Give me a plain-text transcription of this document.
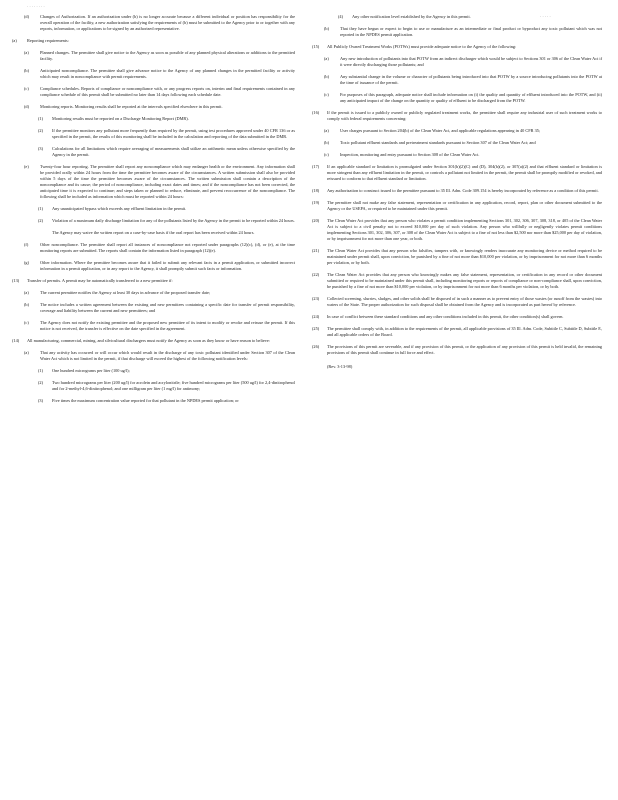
· · · · · · · ·
· · · · ·
(d)	Changes of Authorization. If an authorization under (b) is no longer accurate because a different individual or position has responsibility for the overall operation of the facility, a new authorization satisfying the requirements of (b) must be submitted to the Agency prior to or together with any reports, information, or applications to be signed by an authorized representative.
(a) Reporting requirements:
(a)	Planned changes. The permittee shall give notice to the Agency as soon as possible of any planned physical alterations or additions to the permitted facility.
(b)	Anticipated noncompliance. The permittee shall give advance notice to the Agency of any planned changes in the permitted facility or activity which may result in noncompliance with permit requirements.
(c)	Compliance schedules. Reports of compliance or noncompliance with, or any progress reports on, interim and final requirements contained in any compliance schedule of this permit shall be submitted no later than 14 days following each schedule date.
(d)	Monitoring reports. Monitoring results shall be reported at the intervals specified elsewhere in this permit.
(1) Monitoring results must be reported on a Discharge Monitoring Report (DMR).
(2) If the permittee monitors any pollutant more frequently than required by the permit, using test procedures approved under 40 CFR 136 or as specified in the permit, the results of this monitoring shall be included in the calculation and reporting of the data submitted in the DMR.
(3) Calculations for all limitations which require averaging of measurements shall utilize an arithmetic mean unless otherwise specified by the Agency in the permit.
(e)	Twenty-four hour reporting. The permittee shall report any noncompliance which may endanger health or the environment. Any information shall be provided orally within 24 hours from the time the permittee becomes aware of the circumstances. A written submission shall also be provided within 5 days of the time the permittee becomes aware of the circumstances. The written submission shall contain a description of the noncompliance and its cause; the period of noncompliance, including exact dates and times; and if the noncompliance has not been corrected, the anticipated time it is expected to continue; and steps taken or planned to reduce, eliminate, and prevent reoccurrence of the noncompliance. The following shall be included as information which must be reported within 24 hours:
(1) Any unanticipated bypass which exceeds any effluent limitation in the permit.
(2) Violation of a maximum daily discharge limitation for any of the pollutants listed by the Agency in the permit to be reported within 24 hours.
The Agency may waive the written report on a case-by-case basis if the oral report has been received within 24 hours.
(f)	Other noncompliance. The permittee shall report all instances of noncompliance not reported under paragraphs (12)(c), (d), or (e), at the time monitoring reports are submitted. The reports shall contain the information listed in paragraph (12)(e).
(g)	Other information. Where the permittee becomes aware that it failed to submit any relevant facts in a permit application, or submitted incorrect information in a permit application, or in any report to the Agency, it shall promptly submit such facts or information.
(13) Transfer of permits. A permit may be automatically transferred to a new permittee if:
(a)	The current permittee notifies the Agency at least 30 days in advance of the proposed transfer date;
(b)	The notice includes a written agreement between the existing and new permittees containing a specific date for transfer of permit responsibility, coverage and liability between the current and new permittees; and
(c)	The Agency does not notify the existing permittee and the proposed new permittee of its intent to modify or revoke and reissue the permit. If this notice is not received, the transfer is effective on the date specified in the agreement.
(14) All manufacturing, commercial, mining, and silvicultural dischargers must notify the Agency as soon as they know or have reason to believe:
(a)	That any activity has occurred or will occur which would result in the discharge of any toxic pollutant identified under Section 307 of the Clean Water Act which is not limited in the permit, if that discharge will exceed the highest of the following notification levels:
(1) One hundred micrograms per liter (100 ug/l);
(2) Two hundred micrograms per liter (200 ug/l) for acrolein and acrylonitrile; five hundred micrograms per liter (500 ug/l) for 2,4-dinitrophenol and for 2-methyl-4,6-dinitrophenol; and one milligram per liter (1 mg/l) for antimony;
(3) Five times the maximum concentration value reported for that pollutant in the NPDES permit application; or
(4) Any other notification level established by the Agency in this permit.
(b)	That they have begun or expect to begin to use or manufacture as an intermediate or final product or byproduct any toxic pollutant which was not reported in the NPDES permit application.
(15) All Publicly Owned Treatment Works (POTWs) must provide adequate notice to the Agency of the following:
(a)	Any new introduction of pollutants into that POTW from an indirect discharger which would be subject to Sections 301 or 306 of the Clean Water Act if it were directly discharging those pollutants; and
(b)	Any substantial change in the volume or character of pollutants being introduced into that POTW by a source introducing pollutants into the POTW at the time of issuance of the permit.
(c)	For purposes of this paragraph, adequate notice shall include information on (i) the quality and quantity of effluent introduced into the POTW, and (ii) any anticipated impact of the change on the quantity or quality of effluent to be discharged from the POTW.
(16) If the permit is issued to a publicly owned or publicly regulated treatment works, the permittee shall require any industrial user of such treatment works to comply with federal requirements concerning:
(a)	User charges pursuant to Section 204(b) of the Clean Water Act, and applicable regulations appearing in 40 CFR 35;
(b)	Toxic pollutant effluent standards and pretreatment standards pursuant to Section 307 of the Clean Water Act; and
(c)	Inspection, monitoring and entry pursuant to Section 308 of the Clean Water Act.
(17) If an applicable standard or limitation is promulgated under Section 301(b)(2)(C) and (D), 304(b)(2), or 307(a)(2) and that effluent standard or limitation is more stringent than any effluent limitation in the permit, or controls a pollutant not limited in the permit, the permit shall be promptly modified or revoked, and reissued to conform to that effluent standard or limitation.
(18) Any authorization to construct issued to the permittee pursuant to 35 Ill. Adm. Code 309.154 is hereby incorporated by reference as a condition of this permit.
(19) The permittee shall not make any false statement, representation or certification in any application, record, report, plan or other document submitted to the Agency or the USEPA, or required to be maintained under this permit.
(20) The Clean Water Act provides that any person who violates a permit condition implementing Sections 301, 302, 306, 307, 308, 318, or 405 of the Clean Water Act is subject to a civil penalty not to exceed $10,000 per day of such violation. Any person who willfully or negligently violates permit conditions implementing Sections 301, 302, 306, 307, or 308 of the Clean Water Act is subject to a fine of not less than $2,500 nor more than $25,000 per day of violation, or by imprisonment for not more than one year, or both.
(21) The Clean Water Act provides that any person who falsifies, tampers with, or knowingly renders inaccurate any monitoring device or method required to be maintained under permit shall, upon conviction, be punished by a fine of not more than $10,000 per violation, or by imprisonment for not more than 6 months per violation, or by both.
(22) The Clean Water Act provides that any person who knowingly makes any false statement, representation, or certification in any record or other document submitted or required to be maintained under this permit shall, including monitoring reports or reports of compliance or non-compliance shall, upon conviction, be punished by a fine of not more than $10,000 per violation, or by imprisonment for not more than 6 months per violation, or by both.
(23) Collected screening, slurries, sludges, and other solids shall be disposed of in such a manner as to prevent entry of those wastes (or runoff from the wastes) into waters of the State. The proper authorization for such disposal shall be obtained from the Agency and is incorporated as part hereof by reference.
(24) In case of conflict between these standard conditions and any other conditions included in this permit, the other condition(s) shall govern.
(25) The permittee shall comply with, in addition to the requirements of the permit, all applicable provisions of 35 Ill. Adm. Code, Subtitle C, Subtitle D, Subtitle E, and all applicable orders of the Board.
(26) The provisions of this permit are severable, and if any provision of this permit, or the application of any provision of this permit is held invalid, the remaining provisions of this permit shall continue in full force and effect.
(Rev. 3-13-98)
